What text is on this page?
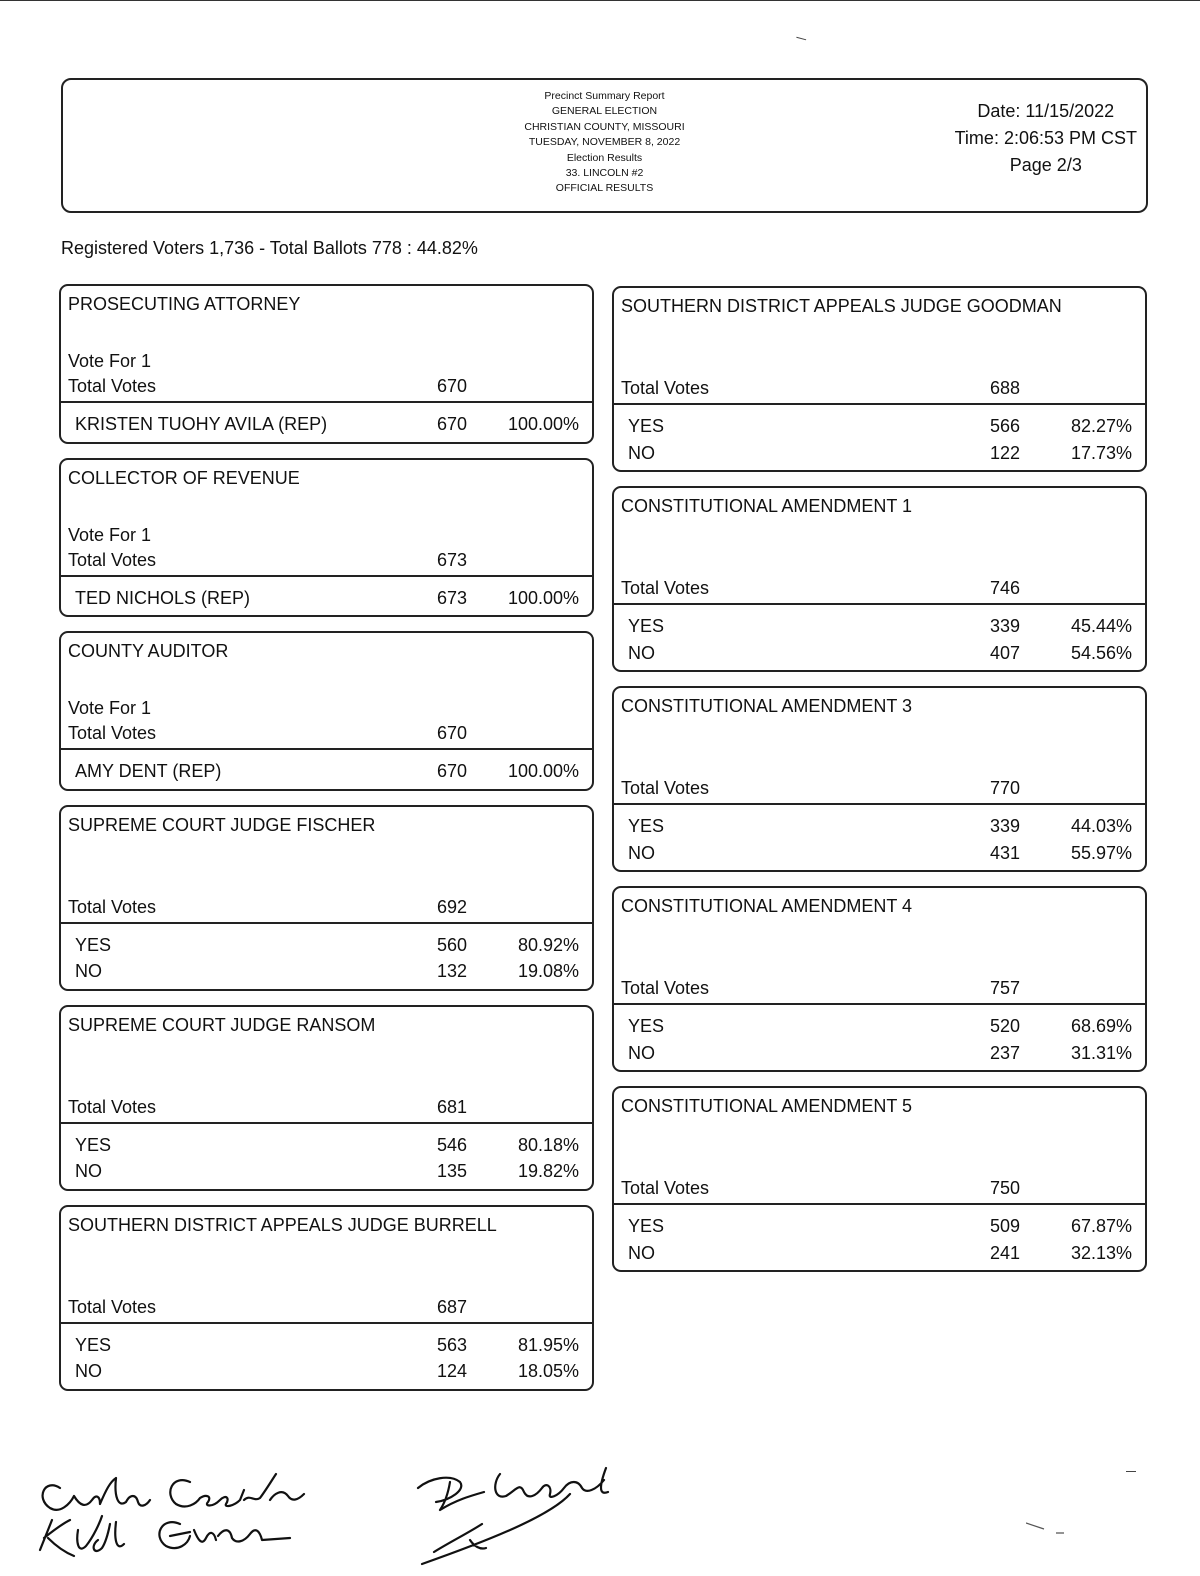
Precinct Summary Report
GENERAL ELECTION
CHRISTIAN COUNTY, MISSOURI
TUESDAY, NOVEMBER 8, 2022
Election Results
33. LINCOLN #2
OFFICIAL RESULTS
Date: 11/15/2022
Time: 2:06:53 PM CST
Page 2/3
Registered Voters 1,736 - Total Ballots 778 : 44.82%
PROSECUTING ATTORNEY
Vote For 1
Total Votes	670
KRISTEN TUOHY AVILA (REP)	670 100.00%
COLLECTOR OF REVENUE
Vote For 1
Total Votes	673
TED NICHOLS (REP)	673 100.00%
COUNTY AUDITOR
Vote For 1
Total Votes	670
AMY DENT (REP)	670 100.00%
SUPREME COURT JUDGE FISCHER
Total Votes	692
YES	560	80.92%
NO	132	19.08%
SUPREME COURT JUDGE RANSOM
Total Votes	681
YES	546	80.18%
NO	135	19.82%
SOUTHERN DISTRICT APPEALS JUDGE BURRELL
Total Votes	687
YES	563	81.95%
NO	124	18.05%
SOUTHERN DISTRICT APPEALS JUDGE GOODMAN
Total Votes	688
YES	566	82.27%
NO	122	17.73%
CONSTITUTIONAL AMENDMENT 1
Total Votes	746
YES	339	45.44%
NO	407	54.56%
CONSTITUTIONAL AMENDMENT 3
Total Votes	770
YES	339	44.03%
NO	431	55.97%
CONSTITUTIONAL AMENDMENT 4
Total Votes	757
YES	520	68.69%
NO	237	31.31%
CONSTITUTIONAL AMENDMENT 5
Total Votes	750
YES	509	67.87%
NO	241	32.13%
